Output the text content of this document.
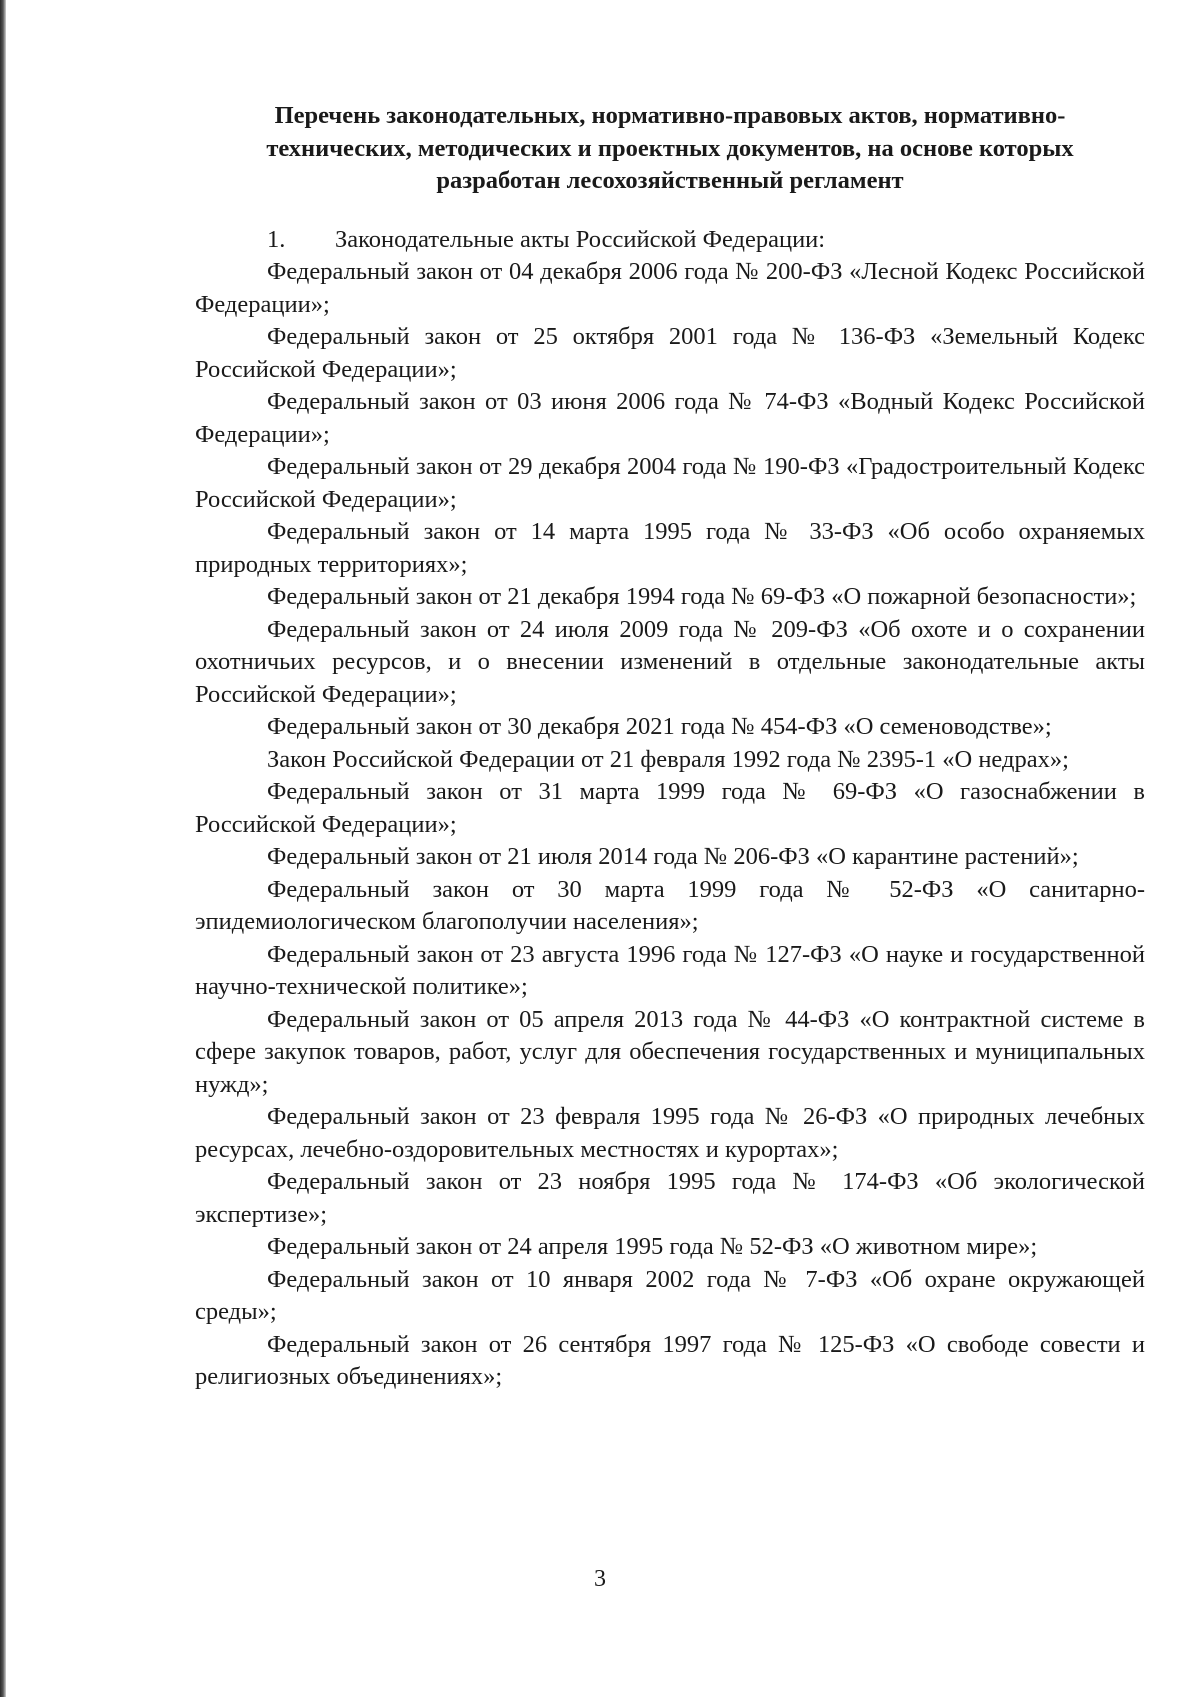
Перечень законодательных, нормативно-правовых актов, нормативно-
технических, методических и проектных документов, на основе которых
разработан лесохозяйственный регламент

1. Законодательные акты Российской Федерации:

Федеральный закон от 04 декабря 2006 года № 200-ФЗ «Лесной Кодекс Российской Федерации»;

Федеральный закон от 25 октября 2001 года № 136-ФЗ «Земельный Кодекс Российской Федерации»;

Федеральный закон от 03 июня 2006 года № 74-ФЗ «Водный Кодекс Российской Федерации»;

Федеральный закон от 29 декабря 2004 года № 190-ФЗ «Градостроительный Кодекс Российской Федерации»;

Федеральный закон от 14 марта 1995 года № 33-ФЗ «Об особо охраняемых природных территориях»;

Федеральный закон от 21 декабря 1994 года № 69-ФЗ «О пожарной безопасности»;

Федеральный закон от 24 июля 2009 года № 209-ФЗ «Об охоте и о сохранении охотничьих ресурсов, и о внесении изменений в отдельные законодательные акты Российской Федерации»;

Федеральный закон от 30 декабря 2021 года № 454-ФЗ «О семеноводстве»;

Закон Российской Федерации от 21 февраля 1992 года № 2395-1 «О недрах»;

Федеральный закон от 31 марта 1999 года № 69-ФЗ «О газоснабжении в Российской Федерации»;

Федеральный закон от 21 июля 2014 года № 206-ФЗ «О карантине растений»;

Федеральный закон от 30 марта 1999 года № 52-ФЗ «О санитарно-эпидемиологическом благополучии населения»;

Федеральный закон от 23 августа 1996 года № 127-ФЗ «О науке и государственной научно-технической политике»;

Федеральный закон от 05 апреля 2013 года № 44-ФЗ «О контрактной системе в сфере закупок товаров, работ, услуг для обеспечения государственных и муниципальных нужд»;

Федеральный закон от 23 февраля 1995 года № 26-ФЗ «О природных лечебных ресурсах, лечебно-оздоровительных местностях и курортах»;

Федеральный закон от 23 ноября 1995 года № 174-ФЗ «Об экологической экспертизе»;

Федеральный закон от 24 апреля 1995 года № 52-ФЗ «О животном мире»;

Федеральный закон от 10 января 2002 года № 7-ФЗ «Об охране окружающей среды»;

Федеральный закон от 26 сентября 1997 года № 125-ФЗ «О свободе совести и религиозных объединениях»;

3
